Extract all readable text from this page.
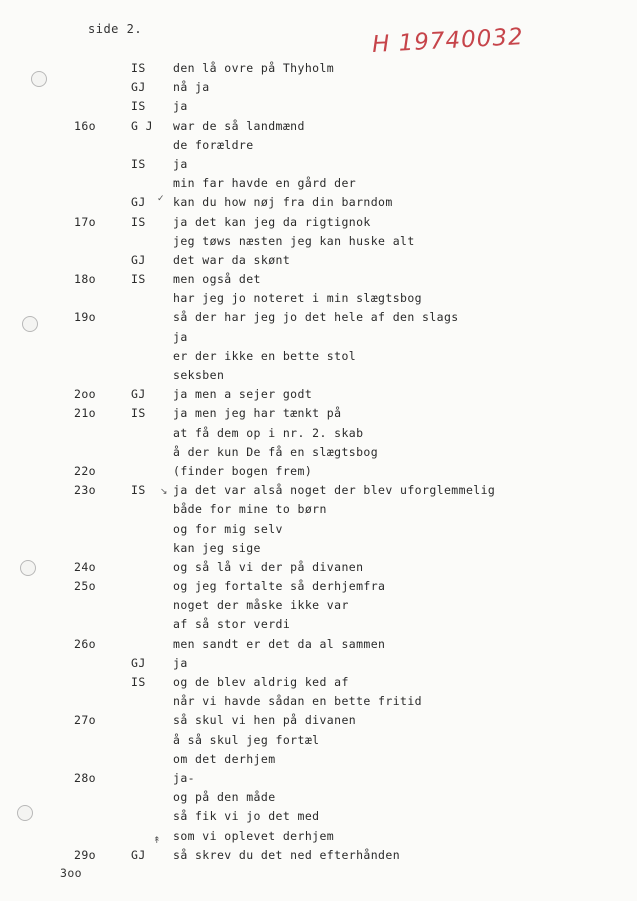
side 2.	H 19740032
IS den lå ovre på Thyholm
GJ nå ja
IS ja
16o	G J war de så landmænd
de forældre
IS ja
min far havde en gård der
GJ kan du how nøj fra din barndom
17o	IS ja det kan jeg da rigtignok
jeg tøws næsten jeg kan huske alt
GJ det war da skønt
18o	IS men også det
har jeg jo noteret i min slægtsbog
19o	så der har jeg jo det hele af den slags
ja
er der ikke en bette stol
seksben
2oo	GJ ja men a sejer godt
21o	IS ja men jeg har tænkt på
at få dem op i nr. 2. skab
å der kun De få en slægtsbog
22o	(finder bogen frem)
23o	IS ja det var alså noget der blev uforglemmelig
både for mine to børn
og for mig selv
kan jeg sige
24o	og så lå vi der på divanen
25o	og jeg fortalte så derhjemfra
noget der måske ikke var
af så stor verdi
26o	men sandt er det da al sammen
GJ ja
IS og de blev aldrig ked af
når vi havde sådan en bette fritid
27o	så skul vi hen på divanen
å så skul jeg fortæl
om det derhjem
28o	ja-
og på den måde
så fik vi jo det med
som vi oplevet derhjem
29o	GJ så skrev du det ned efterhånden
✓
↘
↟
3oo
